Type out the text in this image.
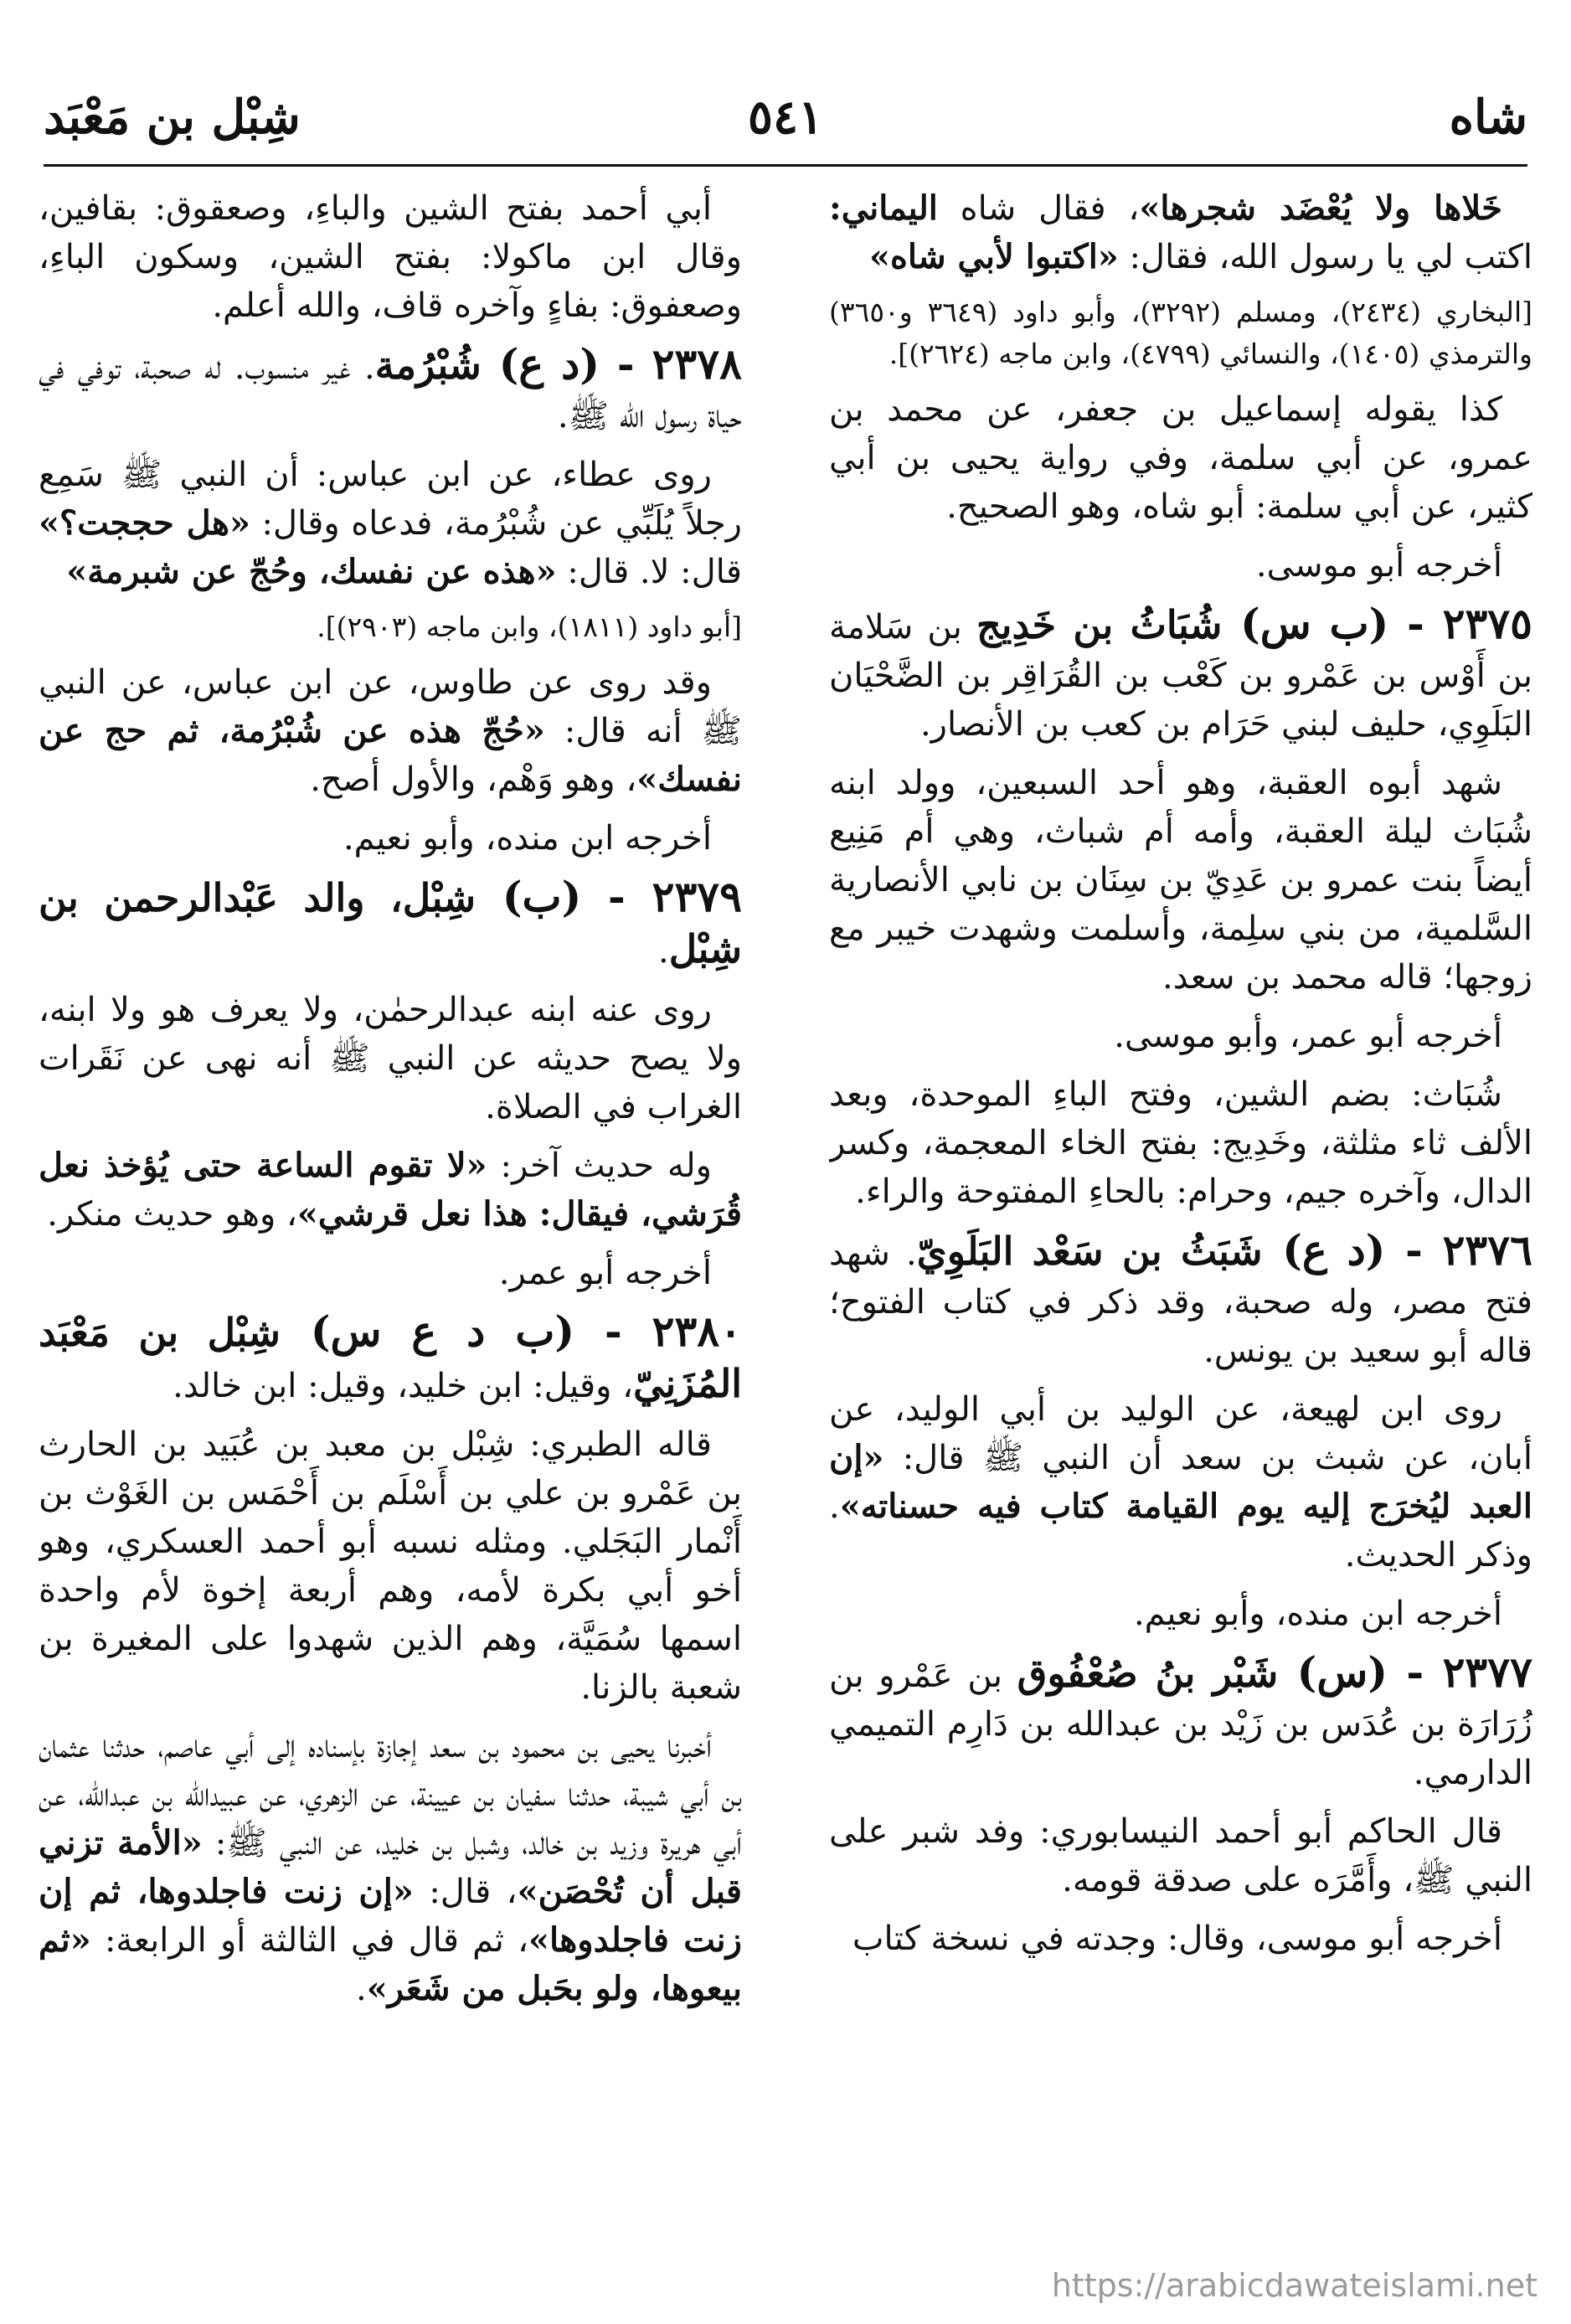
شِبْل بن مَعْبَد	٥٤١	شاه

خَلاها ولا يُعْضَد شجرها»، فقال شاه اليماني: اكتب لي يا رسول الله، فقال: «اكتبوا لأبي شاه»

[البخاري (٢٤٣٤)، ومسلم (٣٢٩٢)، وأبو داود (٣٦٤٩ و٣٦٥٠) والترمذي (١٤٠٥)، والنسائي (٤٧٩٩)، وابن ماجه (٢٦٢٤)].

كذا يقوله إسماعيل بن جعفر، عن محمد بن عمرو، عن أبي سلمة، وفي رواية يحيى بن أبي كثير، عن أبي سلمة: أبو شاه، وهو الصحيح.

أخرجه أبو موسى.

٢٣٧٥ - (ب س) شُبَاثُ بن خَدِيج بن سَلامة بن أَوْس بن عَمْرو بن كَعْب بن القُرَاقِر بن الضَّحْيَان البَلَوِي، حليف لبني حَرَام بن كعب بن الأنصار.

شهد أبوه العقبة، وهو أحد السبعين، وولد ابنه شُبَاث ليلة العقبة، وأمه أم شباث، وهي أم مَنِيع أيضاً بنت عمرو بن عَدِيّ بن سِنَان بن نابي الأنصارية السَّلمية، من بني سلِمة، وأسلمت وشهدت خيبر مع زوجها؛ قاله محمد بن سعد.

أخرجه أبو عمر، وأبو موسى.

شُبَاث: بضم الشين، وفتح الباءِ الموحدة، وبعد الألف ثاء مثلثة، وخَدِيج: بفتح الخاء المعجمة، وكسر الدال، وآخره جيم، وحرام: بالحاءِ المفتوحة والراء.

٢٣٧٦ - (د ع) شَبَثُ بن سَعْد البَلَوِيّ. شهد فتح مصر، وله صحبة، وقد ذكر في كتاب الفتوح؛ قاله أبو سعيد بن يونس.

روى ابن لهيعة، عن الوليد بن أبي الوليد، عن أبان، عن شبث بن سعد أن النبي ﷺ قال: «إن العبد ليُخرَج إليه يوم القيامة كتاب فيه حسناته». وذكر الحديث.

أخرجه ابن منده، وأبو نعيم.

٢٣٧٧ - (س) شَبْر بنُ صُعْفُوق بن عَمْرو بن زُرَارَة بن عُدَس بن زَيْد بن عبدالله بن دَارِم التميمي الدارمي.

قال الحاكم أبو أحمد النيسابوري: وفد شبر على النبي ﷺ، وأَمَّرَه على صدقة قومه.

أخرجه أبو موسى، وقال: وجدته في نسخة كتاب

أبي أحمد بفتح الشين والباءِ، وصعقوق: بقافين، وقال ابن ماكولا: بفتح الشين، وسكون الباءِ، وصعفوق: بفاءٍ وآخره قاف، والله أعلم.

٢٣٧٨ - (د ع) شُبْرُمة. غير منسوب. له صحبة، توفي في حياة رسول الله ﷺ.

روى عطاء، عن ابن عباس: أن النبي ﷺ سَمِع رجلاً يُلَبِّي عن شُبْرُمة، فدعاه وقال: «هل حججت؟» قال: لا. قال: «هذه عن نفسك، وحُجّ عن شبرمة»

[أبو داود (١٨١١)، وابن ماجه (٢٩٠٣)].

وقد روى عن طاوس، عن ابن عباس، عن النبي ﷺ أنه قال: «حُجّ هذه عن شُبْرُمة، ثم حج عن نفسك»، وهو وَهْم، والأول أصح.

أخرجه ابن منده، وأبو نعيم.

٢٣٧٩ - (ب) شِبْل، والد عَبْدالرحمن بن شِبْل.

روى عنه ابنه عبدالرحمٰن، ولا يعرف هو ولا ابنه، ولا يصح حديثه عن النبي ﷺ أنه نهى عن نَقَرات الغراب في الصلاة.

وله حديث آخر: «لا تقوم الساعة حتى يُؤخذ نعل قُرَشي، فيقال: هذا نعل قرشي»، وهو حديث منكر.

أخرجه أبو عمر.

٢٣٨٠ - (ب د ع س) شِبْل بن مَعْبَد المُزَنِيّ، وقيل: ابن خليد، وقيل: ابن خالد.

قاله الطبري: شِبْل بن معبد بن عُبَيد بن الحارث بن عَمْرو بن علي بن أَسْلَم بن أَحْمَس بن الغَوْث بن أَنْمار البَجَلي. ومثله نسبه أبو أحمد العسكري، وهو أخو أبي بكرة لأمه، وهم أربعة إخوة لأم واحدة اسمها سُمَيَّة، وهم الذين شهدوا على المغيرة بن شعبة بالزنا.

أخبرنا يحيى بن محمود بن سعد إجازة بإسناده إلى أبي عاصم، حدثنا عثمان بن أبي شيبة، حدثنا سفيان بن عيينة، عن الزهري، عن عبيدالله بن عبدالله، عن أبي هريرة وزيد بن خالد، وشبل بن خليد، عن النبي ﷺ: «الأمة تزني قبل أن تُحْصَن»، قال: «إن زنت فاجلدوها، ثم إن زنت فاجلدوها»، ثم قال في الثالثة أو الرابعة: «ثم بيعوها، ولو بحَبل من شَعَر».

https://arabicdawateislami.net
